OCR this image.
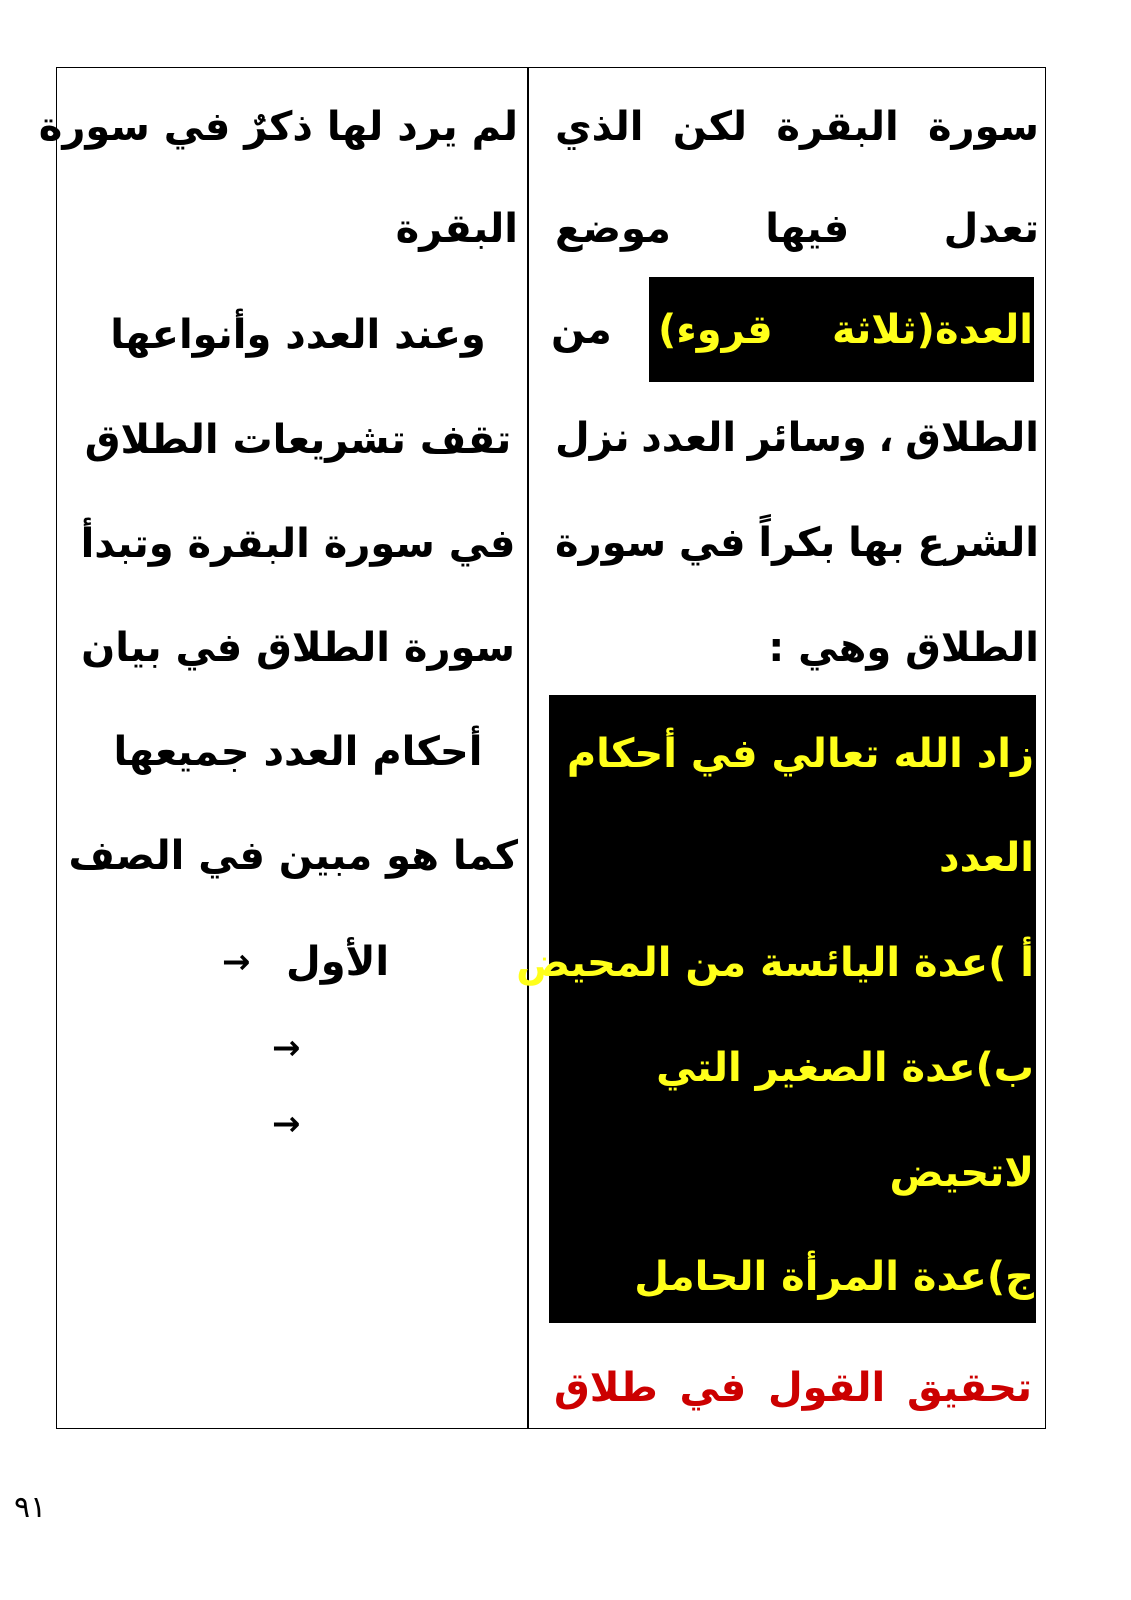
سورة
البقرة
لكن
الذي
تعدل
فيها
موضع
العدة(ثلاثة
قروء)
من
الطلاق
،
وسائر
العدد
نزل
الشرع
بها
بكراً
في
سورة
الطلاق وهي :
زاد الله تعالي في أحكام
العدد
أ )عدة اليائسة من المحيض
ب)عدة الصغير التي
لاتحيض
ج)عدة المرأة الحامل
تحقيق
القول
في
طلاق
لم يرد لها ذكرٌ في سورة
البقرة
وعند العدد وأنواعها
تقف تشريعات الطلاق
في سورة البقرة وتبدأ
سورة الطلاق في بيان
أحكام العدد جميعها
كما هو مبين في الصف
الأول
→
→
→
٩١
